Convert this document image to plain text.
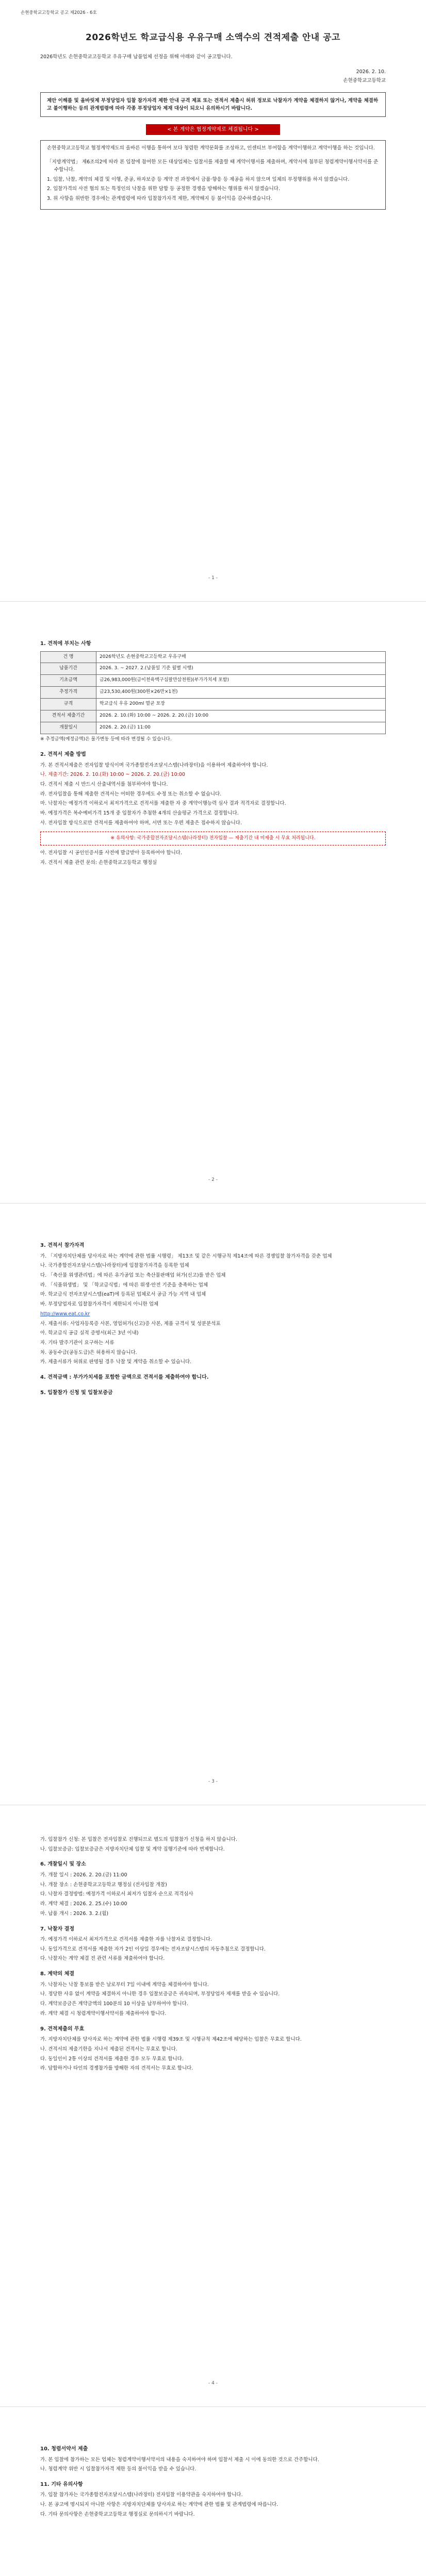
손현중학교고등학교 공고 제2026 - 6호
2026학년도 학교급식용 우유구매 소액수의 견적제출 안내 공고
2026학년도 손현중학교고등학교 우유구매 납품업체 선정을 위해 아래와 같이 공고합니다.
2026. 2. 10.
손현중학교고등학교
제안 이해를 및 올바릿제 부정당업자 입찰 참가자격 제한 안내 규격 제표 또는 견적서 제출시 허위 정보로 낙찰자가 계약을 체결하지 않거나, 계약을 체결하고 불이행하는 등의 관계법령에 따라 각종 부정당업자 제재 대상이 되오니 유의하시기 바랍니다.
< 본 계약은 협정계약제로 체결됩니다 >

손현중학교고등학교 협정계약제도의 올바른 이행을 통하여 보다 청렴한 계약문화를 조성하고, 인센티브 부여함을 계약이행하고 계약이행을 하는 것입니다.

「지방계약법」 제6조의2에 따라 본 입찰에 참여한 모든 대상업체는 입찰서를 제출할 때 계약이행서를 제출하며, 계약서에 첨부된 청렴계약이행서약서를 준수합니다.
1. 입찰, 낙찰, 계약의 체결 및 이행, 준공, 하자보증 등 계약 전 과정에서 금품·향응 등 제공을 하지 않으며 일체의 부정행위를 하지 않겠습니다.
2. 입찰가격의 사전 협의 또는 특정인의 낙찰을 위한 담합 등 공정한 경쟁을 방해하는 행위를 하지 않겠습니다.
3. 위 사항을 위반한 경우에는 관계법령에 따라 입찰참가자격 제한, 계약해지 등 불이익을 감수하겠습니다.
- 1 -
1. 견적에 부치는 사항
건 명	2026학년도 손현중학교고등학교 우유구매
납품기간	2026. 3. ~ 2027. 2.(납품일 기준 월별 시행)
기초금액	금26,983,000원(금이천육백구십팔만삼천원)(부가가치세 포함)
추정가격	금23,530,400원(300원×26만×1천)
규격	학교급식 우유 200ml 멸균 포장
견적서 제출기간	2026. 2. 10.(화) 10:00 ~ 2026. 2. 20.(금) 10:00
개찰일시	2026. 2. 20.(금) 11:00
※ 추정금액(예정금액)은 물가변동 등에 따라 변경될 수 있습니다.
2. 견적서 제출 방법
가. 본 견적서제출은 전자입찰 방식이며 국가종합전자조달시스템(나라장터)을 이용하여 제출하여야 합니다.
나. 제출기간: 2026. 2. 10.(화) 10:00 ~ 2026. 2. 20.(금) 10:00
다. 견적서 제출 시 반드시 산출내역서를 첨부하여야 합니다.
라. 전자입찰을 통해 제출한 견적서는 어떠한 경우에도 수정 또는 취소할 수 없습니다.
마. 낙찰자는 예정가격 이하로서 최저가격으로 견적서를 제출한 자 중 계약이행능력 심사 결과 적격자로 결정합니다.
바. 예정가격은 복수예비가격 15개 중 입찰자가 추첨한 4개의 산술평균 가격으로 결정합니다.
사. 전자입찰 방식으로만 견적서를 제출하여야 하며, 서면 또는 우편 제출은 접수하지 않습니다.
※ 유의사항: 국가종합전자조달시스템(나라장터) 전자입찰 — 제출기간 내 미제출 시 무효 처리됩니다.
아. 전자입찰 시 공인인증서를 사전에 발급받아 등록하여야 합니다.
자. 견적서 제출 관련 문의: 손현중학교고등학교 행정실
- 2 -
3. 견적서 참가자격
가. 「지방자치단체를 당사자로 하는 계약에 관한 법률 시행령」 제13조 및 같은 시행규칙 제14조에 따른 경쟁입찰 참가자격을 갖춘 업체
나. 국가종합전자조달시스템(나라장터)에 입찰참가자격을 등록한 업체
다. 「축산물 위생관리법」에 따른 유가공업 또는 축산물판매업 허가(신고)를 받은 업체
라. 「식품위생법」 및 「학교급식법」에 따른 위생·안전 기준을 충족하는 업체
마. 학교급식 전자조달시스템(eaT)에 등록된 업체로서 공급 가능 지역 내 업체
바. 부정당업자로 입찰참가자격이 제한되지 아니한 업체
http://www.eat.co.kr
사. 제출서류: 사업자등록증 사본, 영업허가(신고)증 사본, 제품 규격서 및 성분분석표
아. 학교급식 공급 실적 증명서(최근 3년 이내)
자. 기타 발주기관이 요구하는 서류
차. 공동수급(공동도급)은 허용하지 않습니다.
카. 제출서류가 허위로 판명될 경우 낙찰 및 계약을 취소할 수 있습니다.
4. 견적금액 : 부가가치세를 포함한 금액으로 견적서를 제출하여야 합니다.
5. 입찰참가 신청 및 입찰보증금
- 3 -
가. 입찰참가 신청: 본 입찰은 전자입찰로 진행되므로 별도의 입찰참가 신청을 하지 않습니다.
나. 입찰보증금: 입찰보증금은 지방자치단체 입찰 및 계약 집행기준에 따라 면제합니다.
6. 개찰일시 및 장소
가. 개찰 일시 : 2026. 2. 20.(금) 11:00
나. 개찰 장소 : 손현중학교고등학교 행정실 (전자입찰 개찰)
다. 낙찰자 결정방법: 예정가격 이하로서 최저가 입찰자 순으로 적격심사
라. 계약 체결 : 2026. 2. 25.(수) 10:00
마. 납품 개시 : 2026. 3. 2.(월)
7. 낙찰자 결정
가. 예정가격 이하로서 최저가격으로 견적서를 제출한 자를 낙찰자로 결정합니다.
나. 동일가격으로 견적서를 제출한 자가 2인 이상일 경우에는 전자조달시스템의 자동추첨으로 결정합니다.
다. 낙찰자는 계약 체결 전 관련 서류를 제출하여야 합니다.
8. 계약의 체결
가. 낙찰자는 낙찰 통보를 받은 날로부터 7일 이내에 계약을 체결하여야 합니다.
나. 정당한 사유 없이 계약을 체결하지 아니한 경우 입찰보증금은 귀속되며, 부정당업자 제재를 받을 수 있습니다.
다. 계약보증금은 계약금액의 100분의 10 이상을 납부하여야 합니다.
라. 계약 체결 시 청렴계약이행서약서를 제출하여야 합니다.
9. 견적제출의 무효
가. 지방자치단체를 당사자로 하는 계약에 관한 법률 시행령 제39조 및 시행규칙 제42조에 해당하는 입찰은 무효로 합니다.
나. 견적서의 제출기한을 지나서 제출된 견적서는 무효로 합니다.
다. 동일인이 2통 이상의 견적서를 제출한 경우 모두 무효로 합니다.
라. 담합하거나 타인의 경쟁참가를 방해한 자의 견적서는 무효로 합니다.
- 4 -
10. 청렴서약서 제출
가. 본 입찰에 참가하는 모든 업체는 청렴계약이행서약서의 내용을 숙지하여야 하며 입찰서 제출 시 이에 동의한 것으로 간주합니다.
나. 청렴계약 위반 시 입찰참가자격 제한 등의 불이익을 받을 수 있습니다.
11. 기타 유의사항
가. 입찰 참가자는 국가종합전자조달시스템(나라장터) 전자입찰 이용약관을 숙지하여야 합니다.
나. 본 공고에 명시되지 아니한 사항은 지방자치단체를 당사자로 하는 계약에 관한 법률 및 관계법령에 따릅니다.
다. 기타 문의사항은 손현중학교고등학교 행정실로 문의하시기 바랍니다.
